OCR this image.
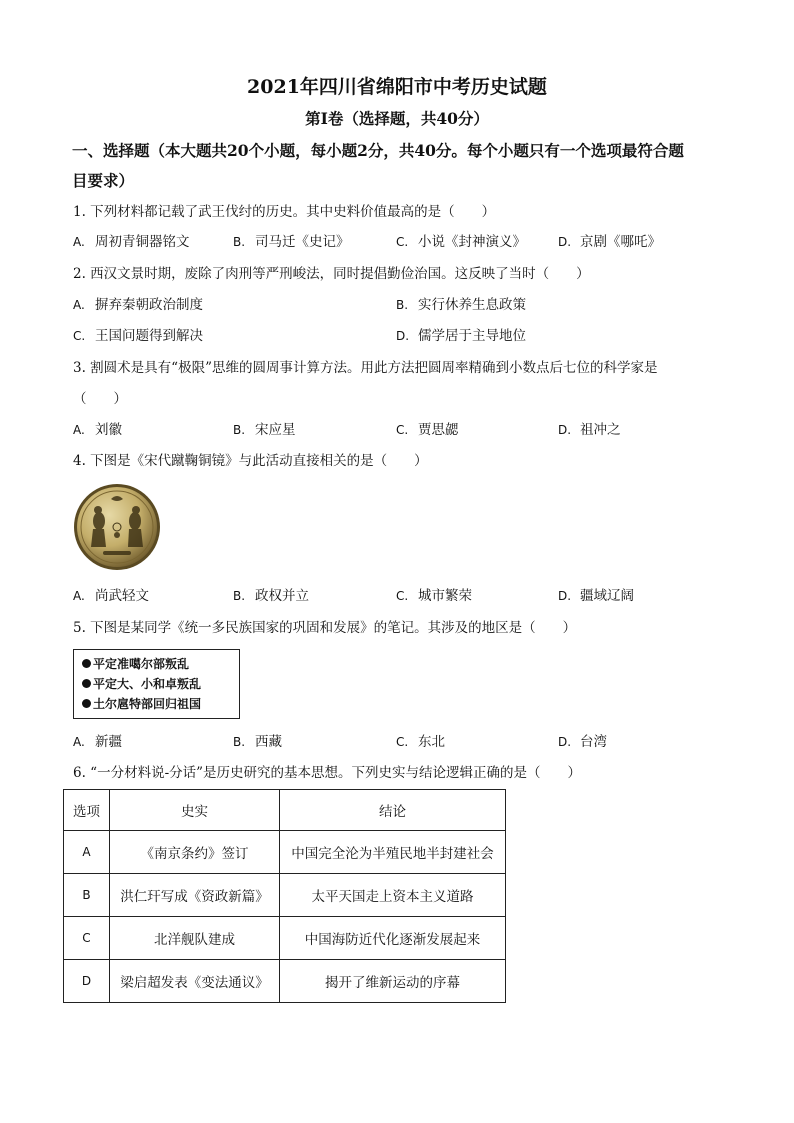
2021年四川省绵阳市中考历史试题
第Ⅰ卷（选择题，共40分）
一、选择题（本大题共20个小题，每小题2分，共40分。每个小题只有一个选项最符合题
目要求）
1. 下列材料都记载了武王伐纣的历史。其中史料价值最高的是（　　）
A. 周初青铜器铭文	B. 司马迁《史记》	C. 小说《封神演义》	D. 京剧《哪吒》
2. 西汉文景时期，废除了肉刑等严刑峻法，同时提倡勤俭治国。这反映了当时（　　）
A. 摒弃秦朝政治制度	B. 实行休养生息政策
C. 王国问题得到解决	D. 儒学居于主导地位
3. 割圆术是具有“极限”思维的圆周事计算方法。用此方法把圆周率精确到小数点后七位的科学家是
（　　）
A. 刘徽	B. 宋应星	C. 贾思勰	D. 祖冲之
4. 下图是《宋代蹴鞠铜镜》与此活动直接相关的是（　　）
A. 尚武轻文	B. 政权并立	C. 城市繁荣	D. 疆域辽阔
5. 下图是某同学《统一多民族国家的巩固和发展》的笔记。其涉及的地区是（　　）
平定准噶尔部叛乱
平定大、小和卓叛乱
土尔扈特部回归祖国
A. 新疆	B. 西藏	C. 东北	D. 台湾
6. “一分材料说-分话”是历史研究的基本思想。下列史实与结论逻辑正确的是（　　）
选项	史实	结论
A	《南京条约》签订	中国完全沦为半殖民地半封建社会
B	洪仁玕写成《资政新篇》	太平天国走上资本主义道路
C	北洋舰队建成	中国海防近代化逐渐发展起来
D	梁启超发表《变法通议》	揭开了维新运动的序幕
